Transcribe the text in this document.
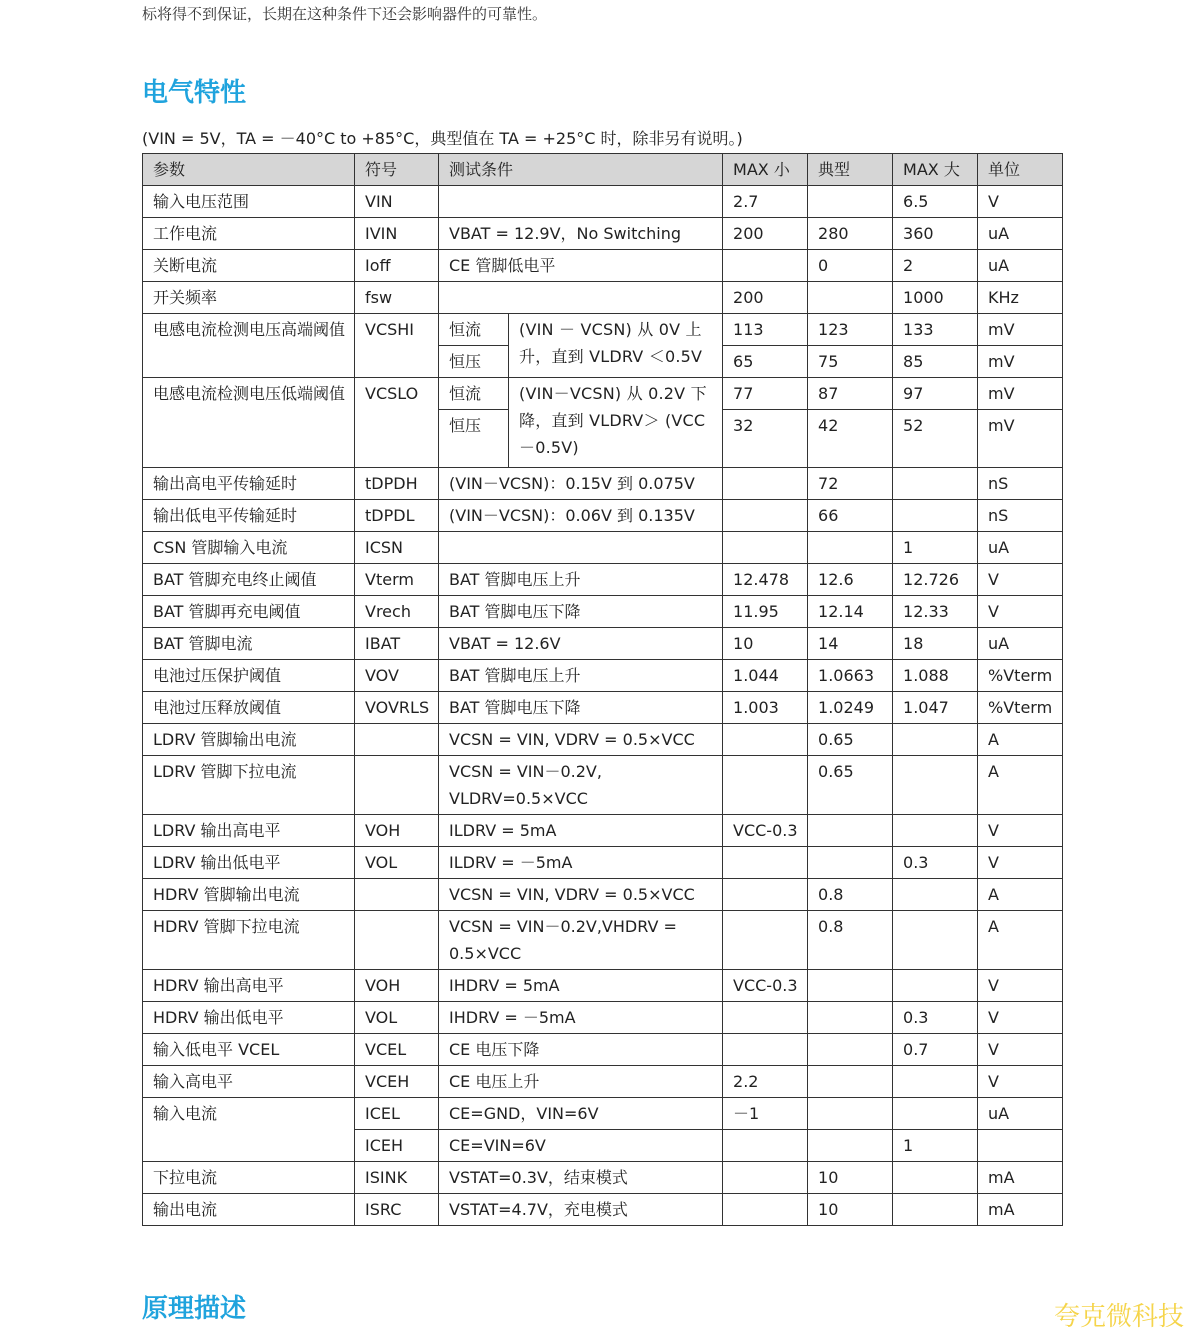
标将得不到保证，长期在这种条件下还会影响器件的可靠性。
电气特性
(VIN = 5V，TA = －40°C to +85°C，典型值在 TA = +25°C 时，除非另有说明。)
参数	符号	测试条件		MAX 小	典型	MAX 大	单位
输入电压范围	VIN			2.7		6.5	V
工作电流	IVIN	VBAT = 12.9V，No Switching		200	280	360	uA
关断电流	Ioff	CE 管脚低电平			0	2	uA
开关频率	fsw			200		1000	KHz
电感电流检测电压高端阈值	VCSHI	恒流	(VIN － VCSN) 从 0V 上升，直到 VLDRV ＜0.5V	113	123	133	mV
		恒压		65	75	85	mV
电感电流检测电压低端阈值	VCSLO	恒流	(VIN－VCSN) 从 0.2V 下降，直到 VLDRV＞ (VCC －0.5V)	77	87	97	mV
		恒压		32	42	52	mV
输出高电平传输延时	tDPDH	(VIN－VCSN)：0.15V 到 0.075V			72		nS
输出低电平传输延时	tDPDL	(VIN－VCSN)：0.06V 到 0.135V			66		nS
CSN 管脚输入电流	ICSN					1	uA
BAT 管脚充电终止阈值	Vterm	BAT 管脚电压上升		12.478	12.6	12.726	V
BAT 管脚再充电阈值	Vrech	BAT 管脚电压下降		11.95	12.14	12.33	V
BAT 管脚电流	IBAT	VBAT = 12.6V		10	14	18	uA
电池过压保护阈值	VOV	BAT 管脚电压上升		1.044	1.0663	1.088	%Vterm
电池过压释放阈值	VOVRLS	BAT 管脚电压下降		1.003	1.0249	1.047	%Vterm
LDRV 管脚输出电流		VCSN = VIN, VDRV = 0.5×VCC			0.65		A
LDRV 管脚下拉电流		VCSN = VIN－0.2V, VLDRV=0.5×VCC			0.65		A
LDRV 输出高电平	VOH	ILDRV = 5mA		VCC-0.3			V
LDRV 输出低电平	VOL	ILDRV = －5mA				0.3	V
HDRV 管脚输出电流		VCSN = VIN, VDRV = 0.5×VCC			0.8		A
HDRV 管脚下拉电流		VCSN = VIN－0.2V,VHDRV = 0.5×VCC			0.8		A
HDRV 输出高电平	VOH	IHDRV = 5mA		VCC-0.3			V
HDRV 输出低电平	VOL	IHDRV = －5mA				0.3	V
输入低电平 VCEL	VCEL	CE 电压下降				0.7	V
输入高电平	VCEH	CE 电压上升		2.2			V
输入电流	ICEL	CE=GND，VIN=6V		－1			uA
	ICEH	CE=VIN=6V				1	
下拉电流	ISINK	VSTAT=0.3V，结束模式			10		mA
输出电流	ISRC	VSTAT=4.7V，充电模式			10		mA
原理描述	夸克微科技
